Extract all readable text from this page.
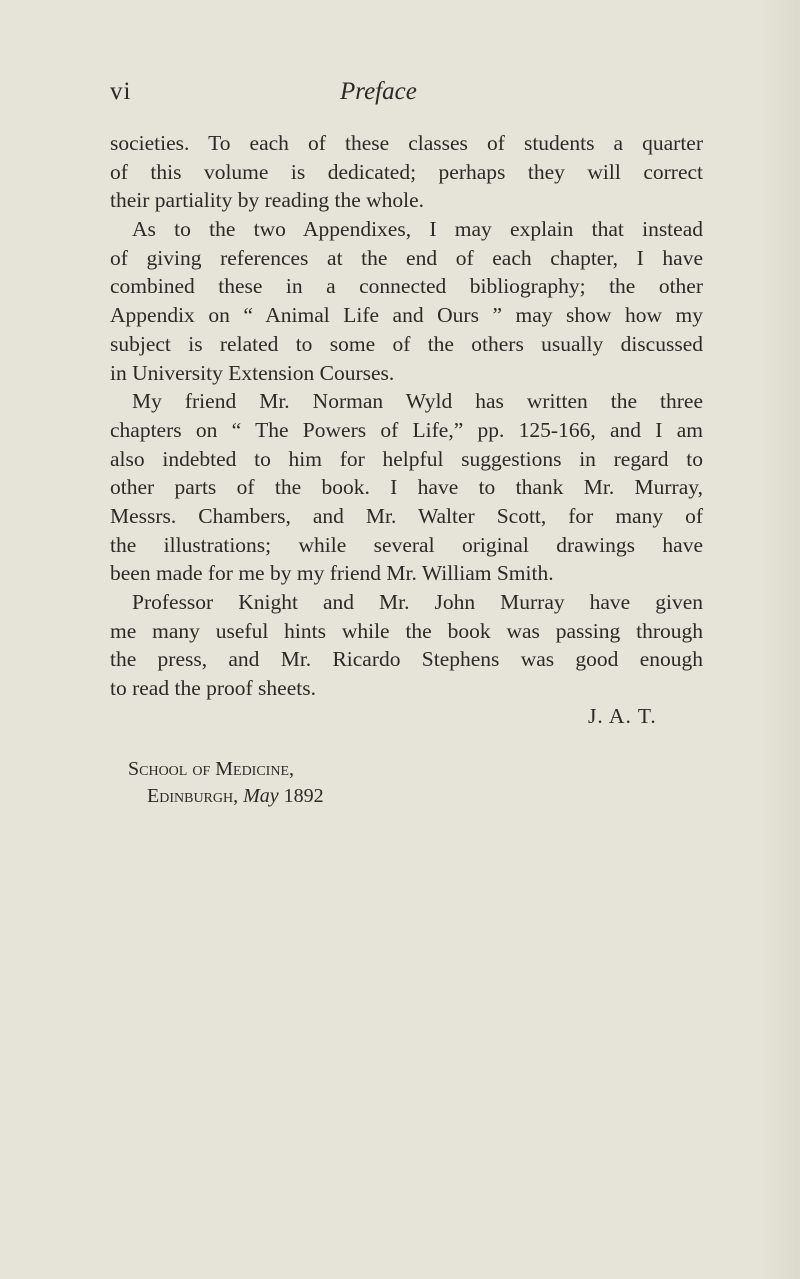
vi	Preface
societies. To each of these classes of students a quarter
of this volume is dedicated; perhaps they will correct
their partiality by reading the whole.
As to the two Appendixes, I may explain that instead
of giving references at the end of each chapter, I have
combined these in a connected bibliography; the other
Appendix on “ Animal Life and Ours ” may show how my
subject is related to some of the others usually discussed
in University Extension Courses.
My friend Mr. Norman Wyld has written the three
chapters on “ The Powers of Life,” pp. 125-166, and I am
also indebted to him for helpful suggestions in regard to
other parts of the book. I have to thank Mr. Murray,
Messrs. Chambers, and Mr. Walter Scott, for many of
the illustrations; while several original drawings have
been made for me by my friend Mr. William Smith.
Professor Knight and Mr. John Murray have given
me many useful hints while the book was passing through
the press, and Mr. Ricardo Stephens was good enough
to read the proof sheets.
J. A. T.
School of Medicine,
Edinburgh, May 1892
